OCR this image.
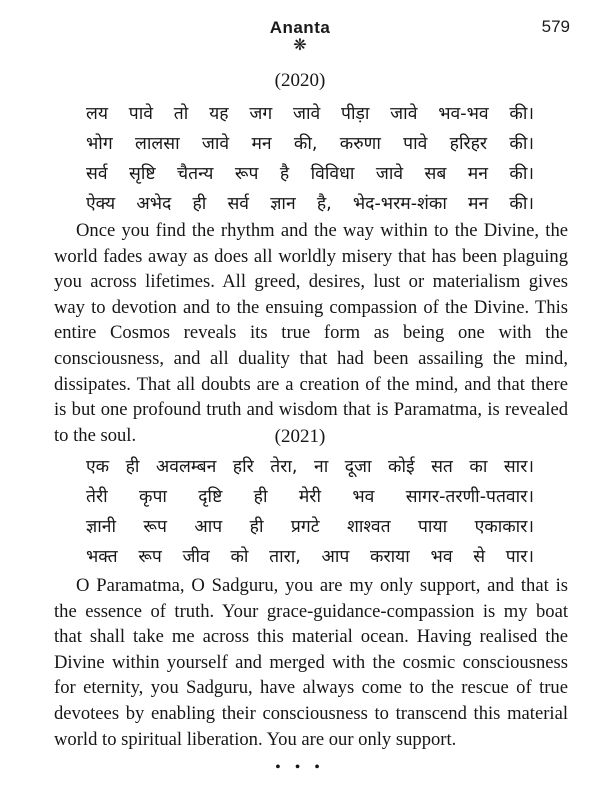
Ananta	579
❋
(2020)
लय पावे तो यह जग जावे पीड़ा जावे भव-भव की।
भोग लालसा जावे मन की, करुणा पावे हरिहर की।
सर्व सृष्टि चैतन्य रूप है विविधा जावे सब मन की।
ऐक्य अभेद ही सर्व ज्ञान है, भेद-भरम-शंका मन की।
Once you find the rhythm and the way within to the Divine, the world fades away as does all worldly misery that has been plaguing you across lifetimes. All greed, desires, lust or materialism gives way to devotion and to the ensuing compassion of the Divine. This entire Cosmos reveals its true form as being one with the consciousness, and all duality that had been assailing the mind, dissipates. That all doubts are a creation of the mind, and that there is but one profound truth and wisdom that is Paramatma, is revealed to the soul.	(2021)
एक ही अवलम्बन हरि तेरा, ना दूजा कोई सत का सार।
तेरी कृपा दृष्टि ही मेरी भव सागर-तरणी-पतवार।
ज्ञानी रूप आप ही प्रगटे शाश्वत पाया एकाकार।
भक्त रूप जीव को तारा, आप कराया भव से पार।
O Paramatma, O Sadguru, you are my only support, and that is the essence of truth. Your grace-guidance-compassion is my boat that shall take me across this material ocean. Having realised the Divine within yourself and merged with the cosmic consciousness for eternity, you Sadguru, have always come to the rescue of true devotees by enabling their consciousness to transcend this material world to spiritual liberation. You are our only support.
• • •
